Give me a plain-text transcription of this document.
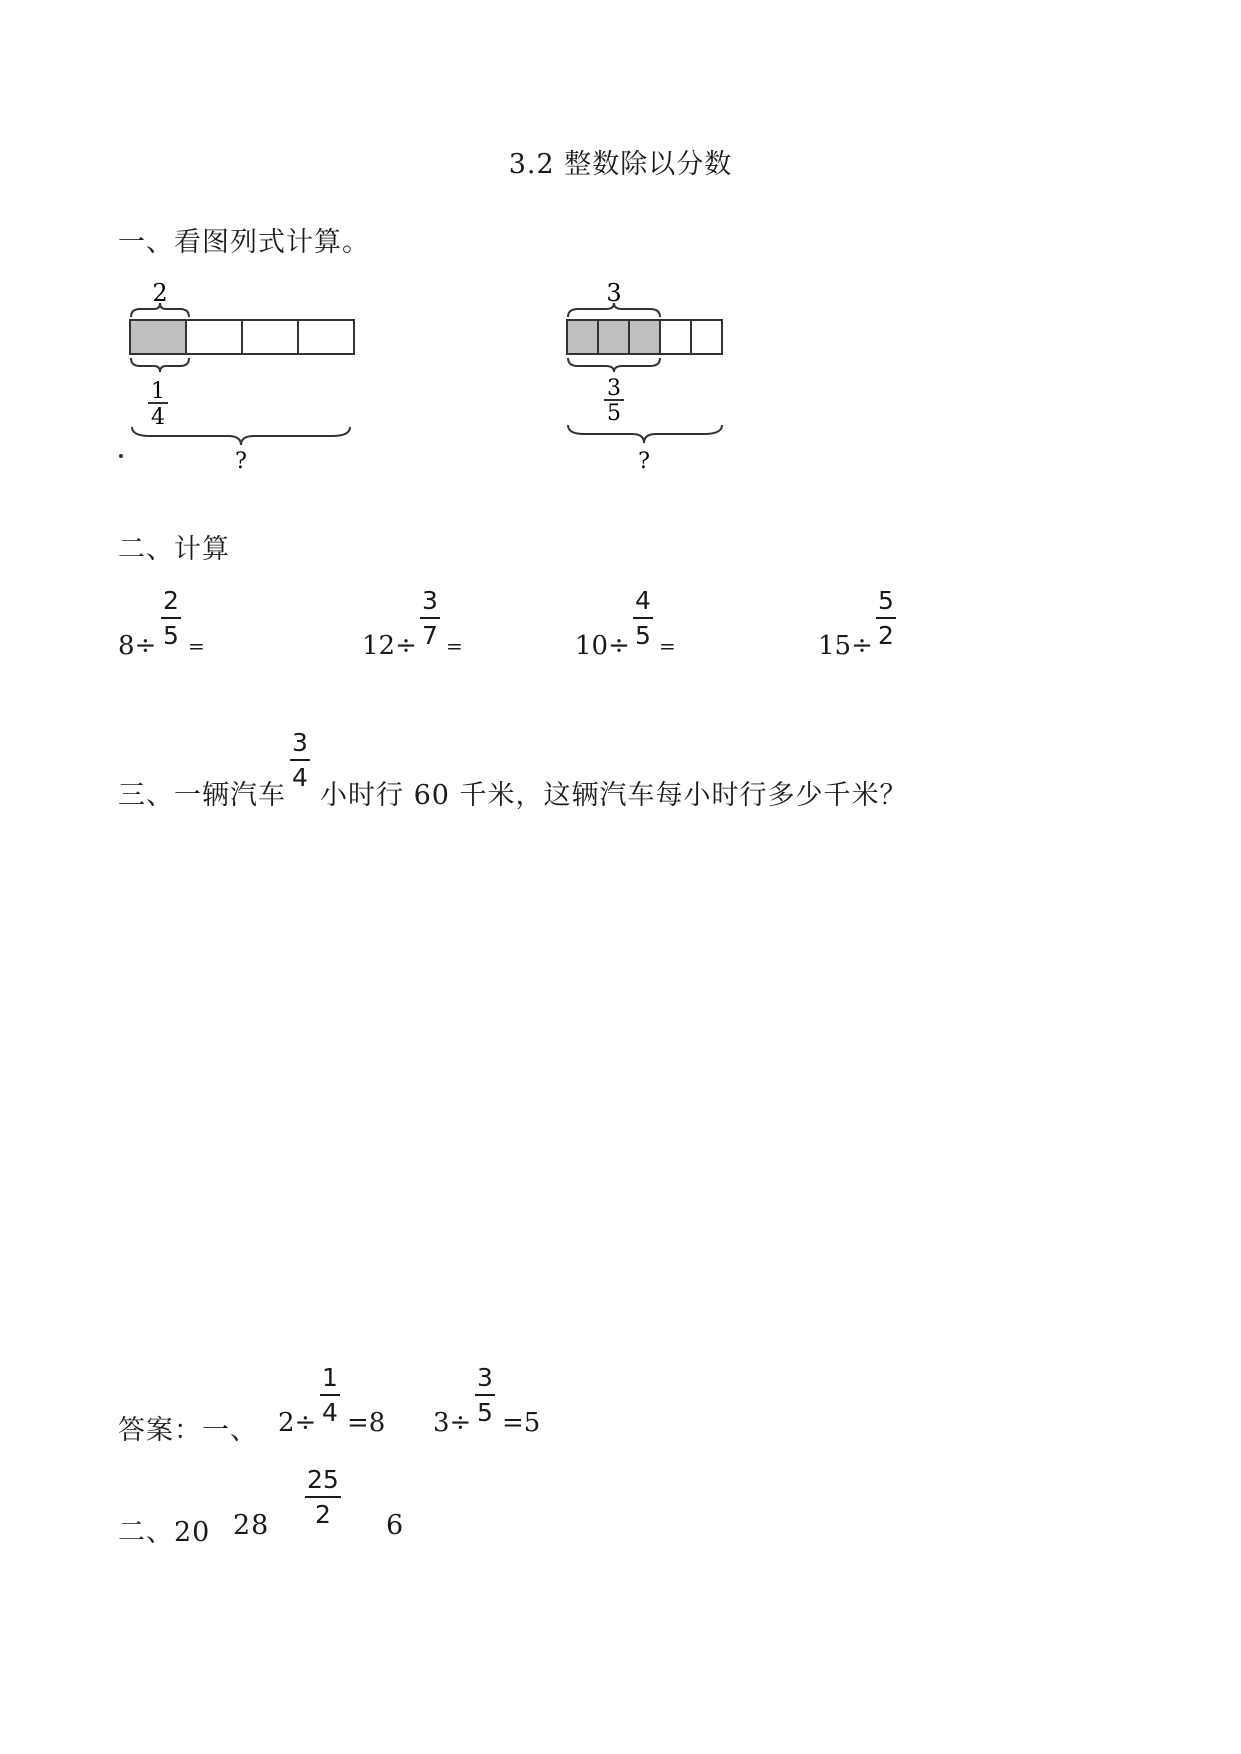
3.2 整数除以分数
一、看图列式计算。
2
1
4
?
3
3
5
?
二、计算
8÷
2
5 =	12÷
3
7 =	10÷
4
5 =	15÷
5
2
三、一辆汽车
3
4
小时行 60 千米，这辆汽车每小时行多少千米？
答案：一、 2÷
1
4 =8 3÷
3
5 =5
二、20 28
25
2	6
